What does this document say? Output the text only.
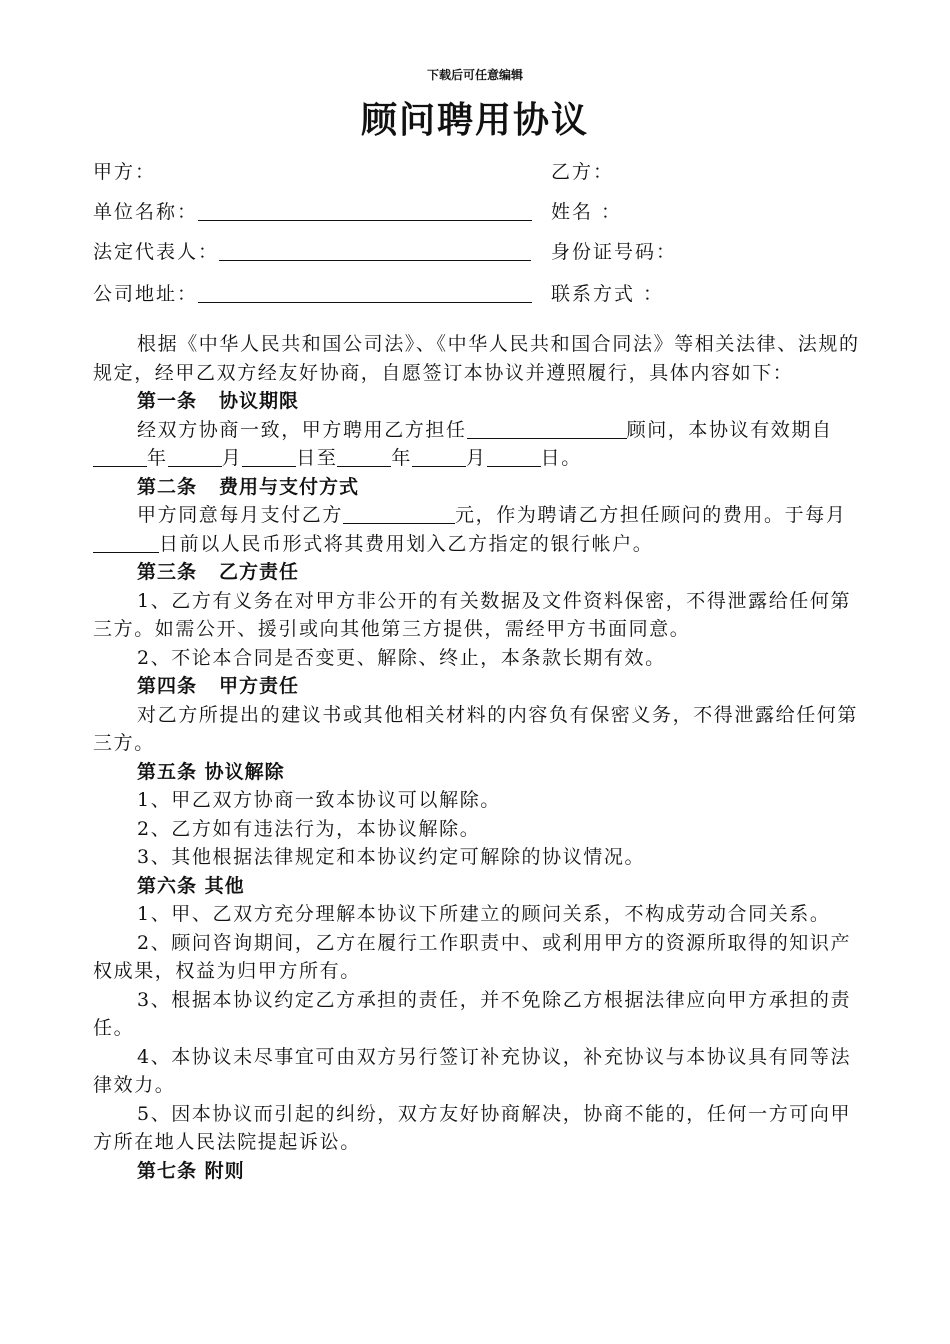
下载后可任意编辑
顾问聘用协议
甲方：	乙方：
单位名称：	姓名 ：
法定代表人：	身份证号码：
公司地址：	联系方式 ：

根据《中华人民共和国公司法》、《中华人民共和国合同法》等相关法律、法规的规定，经甲乙双方经友好协商，自愿签订本协议并遵照履行，具体内容如下：

第一条 协议期限

经双方协商一致，甲方聘用乙方担任	顾问，本协议有效期自年	月	日至	年	月	日。

第二条 费用与支付方式

甲方同意每月支付乙方	元，作为聘请乙方担任顾问的费用。于每月日前以人民币形式将其费用划入乙方指定的银行帐户。

第三条 乙方责任

1、乙方有义务在对甲方非公开的有关数据及文件资料保密，不得泄露给任何第三方。如需公开、援引或向其他第三方提供，需经甲方书面同意。

2、不论本合同是否变更、解除、终止，本条款长期有效。

第四条 甲方责任

对乙方所提出的建议书或其他相关材料的内容负有保密义务，不得泄露给任何第三方。

第五条 协议解除

1、甲乙双方协商一致本协议可以解除。

2、乙方如有违法行为，本协议解除。

3、其他根据法律规定和本协议约定可解除的协议情况。

第六条 其他

1、甲、乙双方充分理解本协议下所建立的顾问关系，不构成劳动合同关系。

2、顾问咨询期间，乙方在履行工作职责中、或利用甲方的资源所取得的知识产权成果，权益为归甲方所有。

3、根据本协议约定乙方承担的责任，并不免除乙方根据法律应向甲方承担的责任。

4、本协议未尽事宜可由双方另行签订补充协议，补充协议与本协议具有同等法律效力。

5、因本协议而引起的纠纷，双方友好协商解决，协商不能的，任何一方可向甲方所在地人民法院提起诉讼。

第七条 附则
